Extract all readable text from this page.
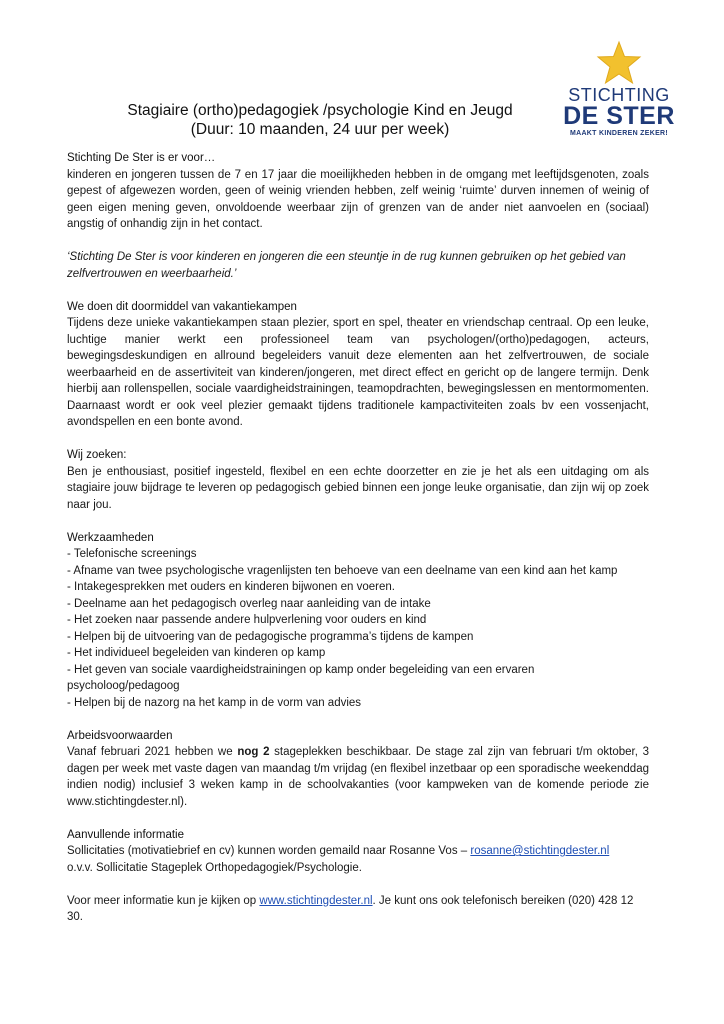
STICHTING
DE STER
MAAKT KINDEREN ZEKER!
Stagiaire (ortho)pedagogiek /psychologie Kind en Jeugd
(Duur: 10 maanden, 24 uur per week)

Stichting De Ster is er voor…

kinderen en jongeren tussen de 7 en 17 jaar die moeilijkheden hebben in de omgang met leeftijdsgenoten, zoals gepest of afgewezen worden, geen of weinig vrienden hebben, zelf weinig ‘ruimte’ durven innemen of weinig of geen eigen mening geven, onvoldoende weerbaar zijn of grenzen van de ander niet aanvoelen en (sociaal) angstig of onhandig zijn in het contact.

‘Stichting De Ster is voor kinderen en jongeren die een steuntje in de rug kunnen gebruiken op het gebied van zelfvertrouwen en weerbaarheid.’

We doen dit doormiddel van vakantiekampen

Tijdens deze unieke vakantiekampen staan plezier, sport en spel, theater en vriendschap centraal. Op een leuke, luchtige manier werkt een professioneel team van psychologen/(ortho)pedagogen, acteurs, bewegingsdeskundigen en allround begeleiders vanuit deze elementen aan het zelfvertrouwen, de sociale weerbaarheid en de assertiviteit van kinderen/jongeren, met direct effect en gericht op de langere termijn. Denk hierbij aan rollenspellen, sociale vaardigheidstrainingen, teamopdrachten, bewegingslessen en mentormomenten. Daarnaast wordt er ook veel plezier gemaakt tijdens traditionele kampactiviteiten zoals bv een vossenjacht, avondspellen en een bonte avond.

Wij zoeken:

Ben je enthousiast, positief ingesteld, flexibel en een echte doorzetter en zie je het als een uitdaging om als stagiaire jouw bijdrage te leveren op pedagogisch gebied binnen een jonge leuke organisatie, dan zijn wij op zoek naar jou.

Werkzaamheden

- Telefonische screenings
- Afname van twee psychologische vragenlijsten ten behoeve van een deelname van een kind aan het kamp
- Intakegesprekken met ouders en kinderen bijwonen en voeren.
- Deelname aan het pedagogisch overleg naar aanleiding van de intake
- Het zoeken naar passende andere hulpverlening voor ouders en kind
- Helpen bij de uitvoering van de pedagogische programma’s tijdens de kampen
- Het individueel begeleiden van kinderen op kamp
- Het geven van sociale vaardigheidstrainingen op kamp onder begeleiding van een ervaren psycholoog/pedagoog
- Helpen bij de nazorg na het kamp in de vorm van advies

Arbeidsvoorwaarden

Vanaf februari 2021 hebben we nog 2 stageplekken beschikbaar. De stage zal zijn van februari t/m oktober, 3 dagen per week met vaste dagen van maandag t/m vrijdag (en flexibel inzetbaar op een sporadische weekenddag indien nodig) inclusief 3 weken kamp in de schoolvakanties (voor kampweken van de komende periode zie www.stichtingdester.nl).

Aanvullende informatie

Sollicitaties (motivatiebrief en cv) kunnen worden gemaild naar Rosanne Vos – rosanne@stichtingdester.nl

o.v.v. Sollicitatie Stageplek Orthopedagogiek/Psychologie.

Voor meer informatie kun je kijken op www.stichtingdester.nl. Je kunt ons ook telefonisch bereiken (020) 428 12 30.
